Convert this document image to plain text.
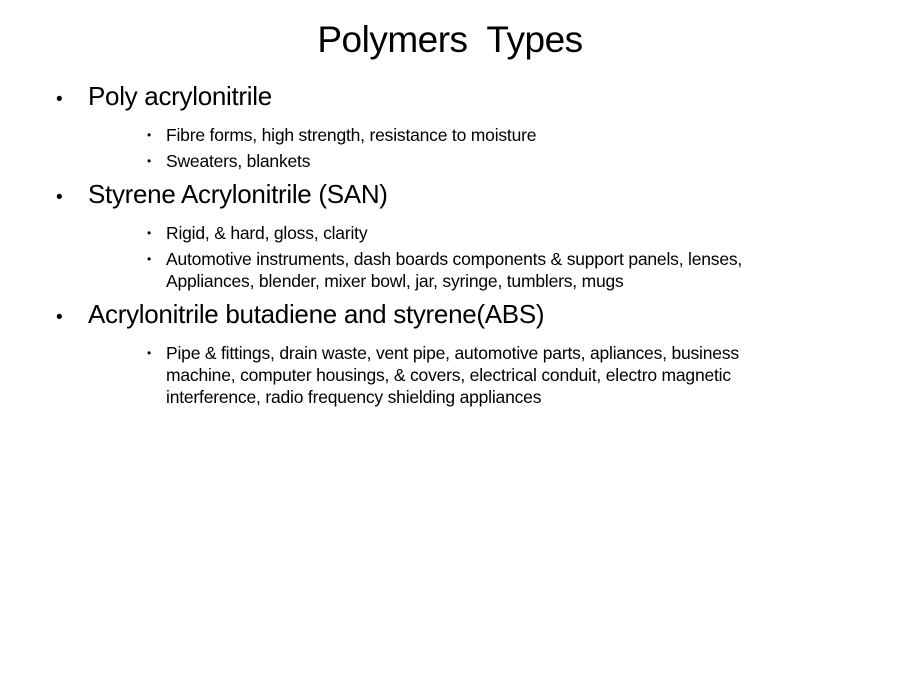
Polymers  Types
• Poly acrylonitrile
• Fibre forms, high strength, resistance to moisture
• Sweaters, blankets
• Styrene Acrylonitrile (SAN)
• Rigid, & hard, gloss, clarity
• Automotive instruments, dash boards components & support panels, lenses,
Appliances, blender, mixer bowl, jar, syringe, tumblers, mugs
• Acrylonitrile butadiene and styrene(ABS)
• Pipe & fittings, drain waste, vent pipe, automotive parts, apliances, business
machine, computer housings, & covers, electrical conduit, electro magnetic
interference, radio frequency shielding appliances
